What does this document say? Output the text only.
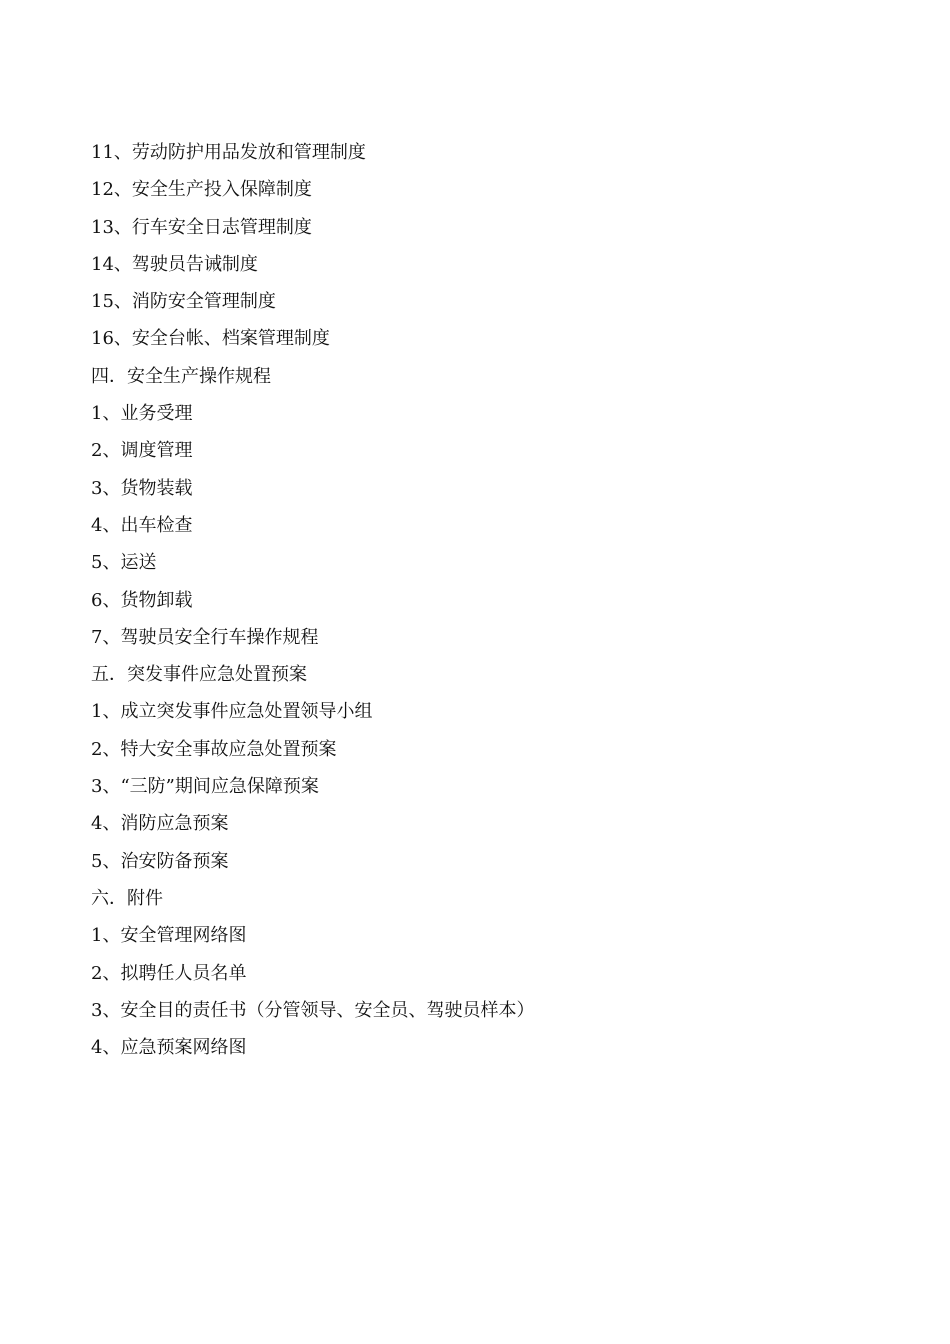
11、劳动防护用品发放和管理制度
12、安全生产投入保障制度
13、行车安全日志管理制度
14、驾驶员告诫制度
15、消防安全管理制度
16、安全台帐、档案管理制度
四．安全生产操作规程
1、业务受理
2、调度管理
3、货物装载
4、出车检查
5、运送
6、货物卸载
7、驾驶员安全行车操作规程
五．突发事件应急处置预案
1、成立突发事件应急处置领导小组
2、特大安全事故应急处置预案
3、“三防”期间应急保障预案
4、消防应急预案
5、治安防备预案
六．附件
1、安全管理网络图
2、拟聘任人员名单
3、安全目的责任书（分管领导、安全员、驾驶员样本）
4、应急预案网络图
